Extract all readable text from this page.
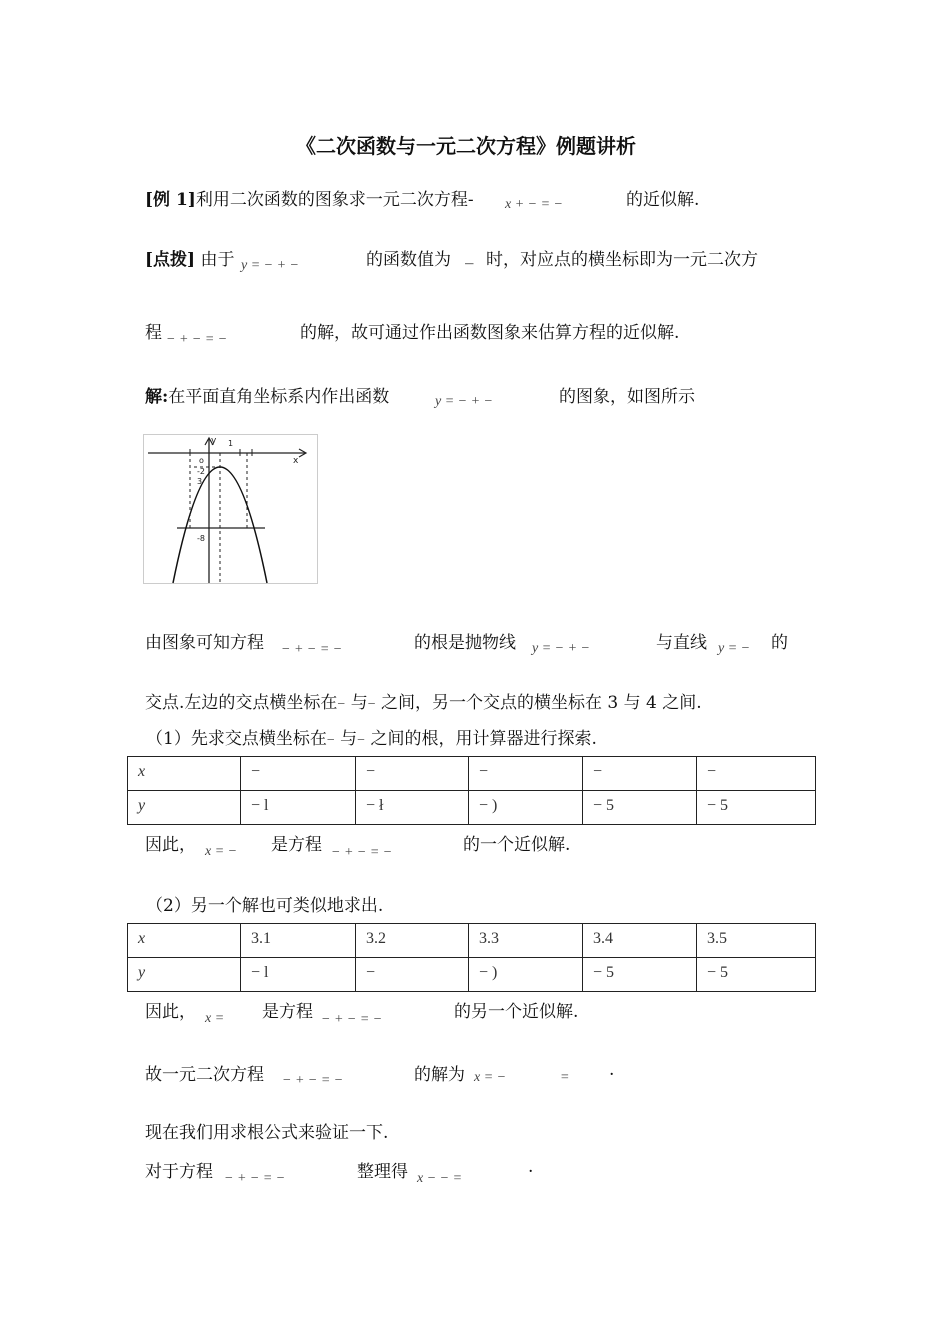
《二次函数与一元二次方程》例题讲析
[例 1]利用二次函数的图象求一元二次方程- x + − = −	的近似解.
[点拨] 由于 y = − + −	的函数值为 _ 时，对应点的横坐标即为一元二次方
程 − + − = −	的解，故可通过作出函数图象来估算方程的近似解.
解:在平面直角坐标系内作出函数	y = − + −	的图象，如图所示
y
x
o
1
-2
3
-8
由图象可知方程 − + − = −	的根是抛物线 y = − + −	与直线 y = − 的
交点.左边的交点横坐标在− 与− 之间，另一个交点的横坐标在 3 与 4 之间.
（1）先求交点横坐标在− 与− 之间的根，用计算器进行探索.
x	−	−	−	−	−
y	− l	− ł	− )	− 5	− 5
因此， x = − 是方程 − + − = −	的一个近似解.
（2）另一个解也可类似地求出.
x	3.1	3.2	3.3	3.4	3.5
y	− l	−	− )	− 5	− 5
因此， x = 是方程 − + − = −	的另一个近似解.
故一元二次方程 − + − = −	的解为 x = −	= .
现在我们用求根公式来验证一下.
对于方程 − + − = −	整理得 x − − =
.
